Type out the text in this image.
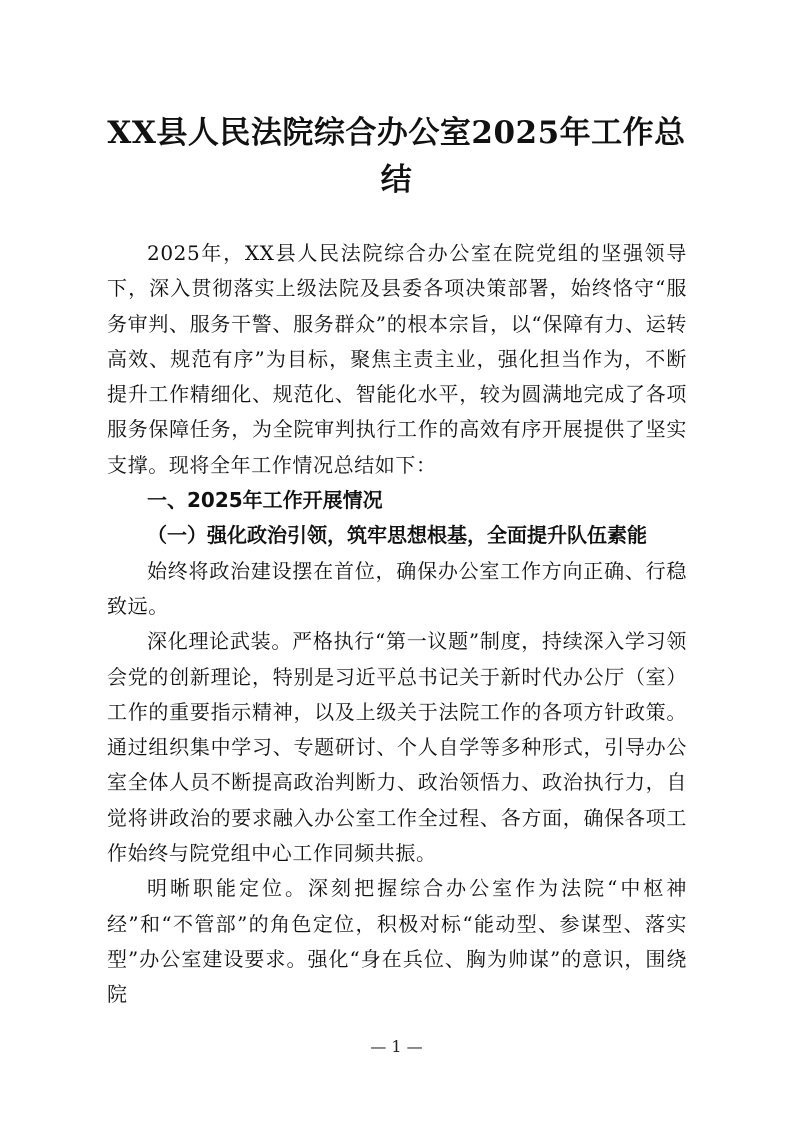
XX县人民法院综合办公室2025年工作总结

2025年，XX县人民法院综合办公室在院党组的坚强领导下，深入贯彻落实上级法院及县委各项决策部署，始终恪守“服务审判、服务干警、服务群众”的根本宗旨，以“保障有力、运转高效、规范有序”为目标，聚焦主责主业，强化担当作为，不断提升工作精细化、规范化、智能化水平，较为圆满地完成了各项服务保障任务，为全院审判执行工作的高效有序开展提供了坚实支撑。现将全年工作情况总结如下：

一、2025年工作开展情况

（一）强化政治引领，筑牢思想根基，全面提升队伍素能

始终将政治建设摆在首位，确保办公室工作方向正确、行稳致远。

深化理论武装。严格执行“第一议题”制度，持续深入学习领会党的创新理论，特别是习近平总书记关于新时代办公厅（室）工作的重要指示精神，以及上级关于法院工作的各项方针政策。通过组织集中学习、专题研讨、个人自学等多种形式，引导办公室全体人员不断提高政治判断力、政治领悟力、政治执行力，自觉将讲政治的要求融入办公室工作全过程、各方面，确保各项工作始终与院党组中心工作同频共振。

明晰职能定位。深刻把握综合办公室作为法院“中枢神经”和“不管部”的角色定位，积极对标“能动型、参谋型、落实型”办公室建设要求。强化“身在兵位、胸为帅谋”的意识，围绕院

— 1 —
